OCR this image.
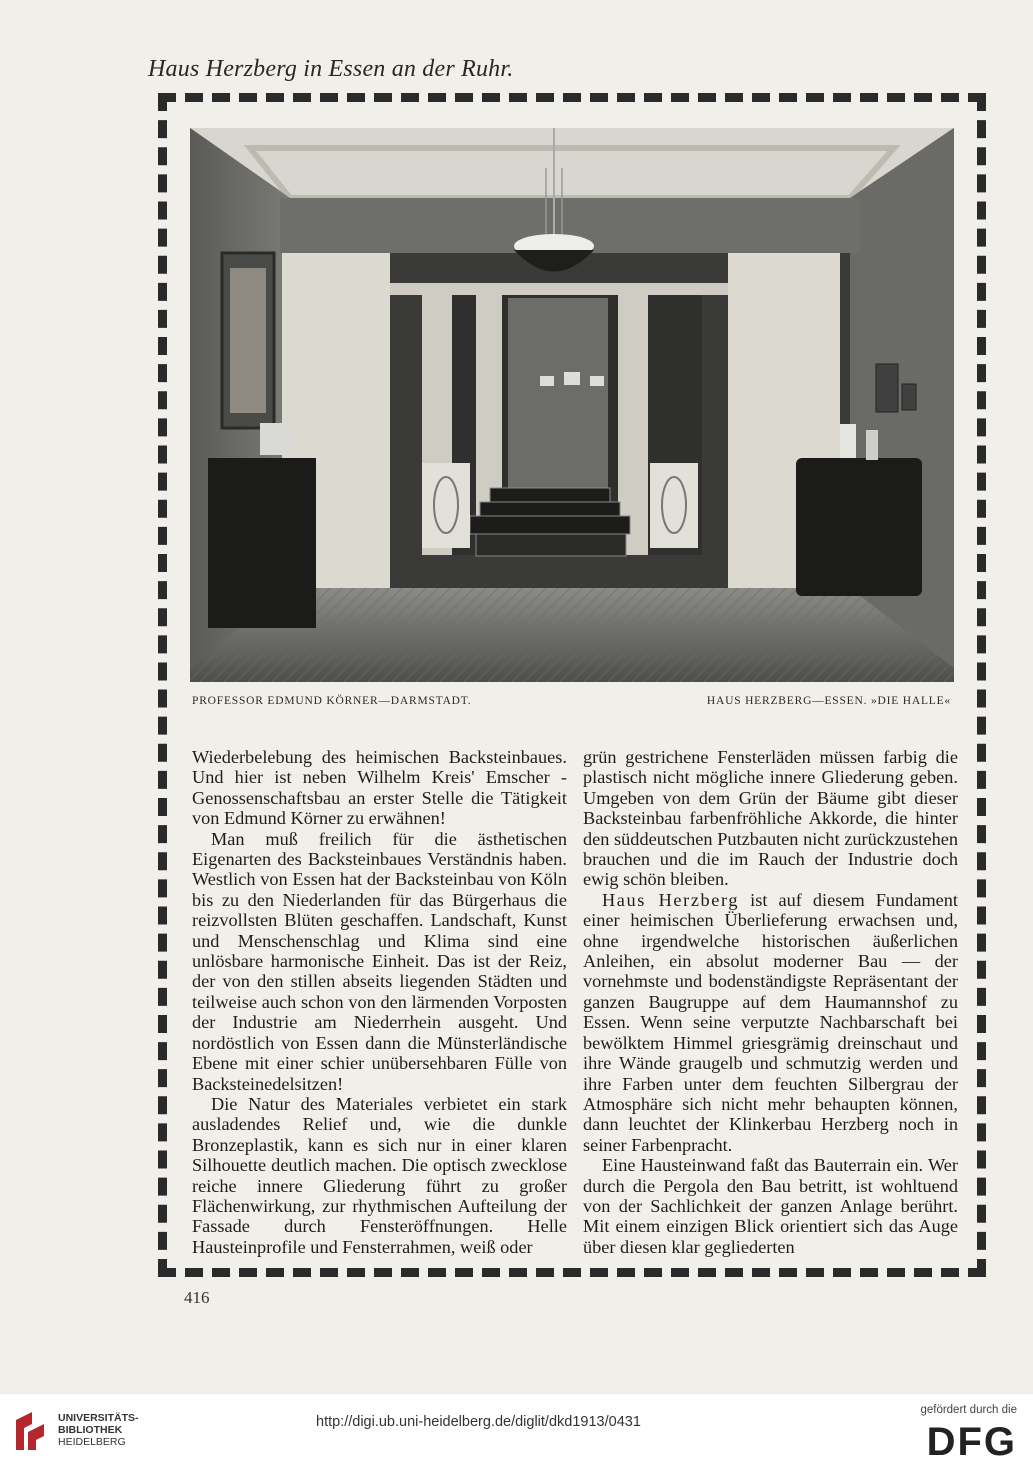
Haus Herzberg in Essen an der Ruhr.
PROFESSOR EDMUND KÖRNER—DARMSTADT.	HAUS HERZBERG—ESSEN. »DIE HALLE«

Wiederbelebung des heimischen Backsteinbaues. Und hier ist neben Wilhelm Kreis' Emscher - Genossenschaftsbau an erster Stelle die Tätigkeit von Edmund Körner zu erwähnen!

Man muß freilich für die ästhetischen Eigenarten des Backsteinbaues Verständnis haben. Westlich von Essen hat der Backsteinbau von Köln bis zu den Niederlanden für das Bürgerhaus die reizvollsten Blüten geschaffen. Landschaft, Kunst und Menschenschlag und Klima sind eine unlösbare harmonische Einheit. Das ist der Reiz, der von den stillen abseits liegenden Städten und teilweise auch schon von den lärmenden Vorposten der Industrie am Niederrhein ausgeht. Und nordöstlich von Essen dann die Münsterländische Ebene mit einer schier unübersehbaren Fülle von Backsteinedelsitzen!

Die Natur des Materiales verbietet ein stark ausladendes Relief und, wie die dunkle Bronzeplastik, kann es sich nur in einer klaren Silhouette deutlich machen. Die optisch zwecklose reiche innere Gliederung führt zu großer Flächenwirkung, zur rhythmischen Aufteilung der Fassade durch Fensteröffnungen. Helle Hausteinprofile und Fensterrahmen, weiß oder

grün gestrichene Fensterläden müssen farbig die plastisch nicht mögliche innere Gliederung geben. Umgeben von dem Grün der Bäume gibt dieser Backsteinbau farbenfröhliche Akkorde, die hinter den süddeutschen Putzbauten nicht zurückzustehen brauchen und die im Rauch der Industrie doch ewig schön bleiben.

Haus Herzberg ist auf diesem Fundament einer heimischen Überlieferung erwachsen und, ohne irgendwelche historischen äußerlichen Anleihen, ein absolut moderner Bau — der vornehmste und bodenständigste Repräsentant der ganzen Baugruppe auf dem Haumannshof zu Essen. Wenn seine verputzte Nachbarschaft bei bewölktem Himmel griesgrämig dreinschaut und ihre Wände graugelb und schmutzig werden und ihre Farben unter dem feuchten Silbergrau der Atmosphäre sich nicht mehr behaupten können, dann leuchtet der Klinkerbau Herzberg noch in seiner Farbenpracht.

Eine Hausteinwand faßt das Bauterrain ein. Wer durch die Pergola den Bau betritt, ist wohltuend von der Sachlichkeit der ganzen Anlage berührt. Mit einem einzigen Blick orientiert sich das Auge über diesen klar gegliederten

416
UNIVERSITÄTS-
BIBLIOTHEK
HEIDELBERG
http://digi.ub.uni-heidelberg.de/diglit/dkd1913/0431
gefördert durch die
DFG
